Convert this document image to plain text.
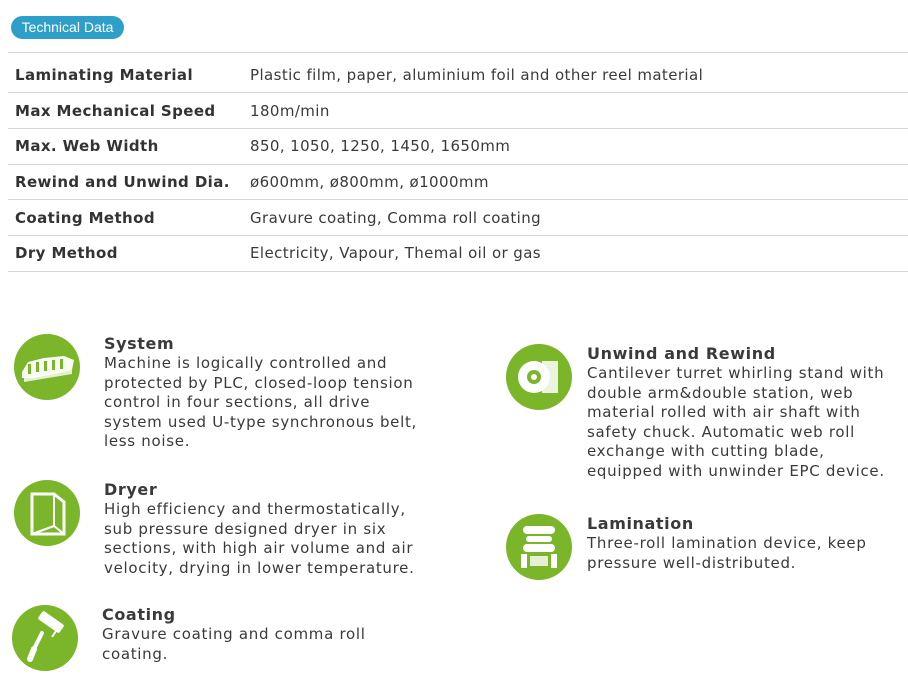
Technical Data
Laminating Material	Plastic film, paper, aluminium foil and other reel material
Max Mechanical Speed	180m/min
Max. Web Width	850, 1050, 1250, 1450, 1650mm
Rewind and Unwind Dia.	ø600mm, ø800mm, ø1000mm
Coating Method	Gravure coating, Comma roll coating
Dry Method	Electricity, Vapour, Themal oil or gas
System
Machine is logically controlled and
protected by PLC, closed-loop tension
control in four sections, all drive
system used U-type synchronous belt,
less noise.
Dryer
High efficiency and thermostatically,
sub pressure designed dryer in six
sections, with high air volume and air
velocity, drying in lower temperature.
Coating
Gravure coating and comma roll
coating.
Unwind and Rewind
Cantilever turret whirling stand with
double arm&double station, web
material rolled with air shaft with
safety chuck. Automatic web roll
exchange with cutting blade,
equipped with unwinder EPC device.
Lamination
Three-roll lamination device, keep
pressure well-distributed.
